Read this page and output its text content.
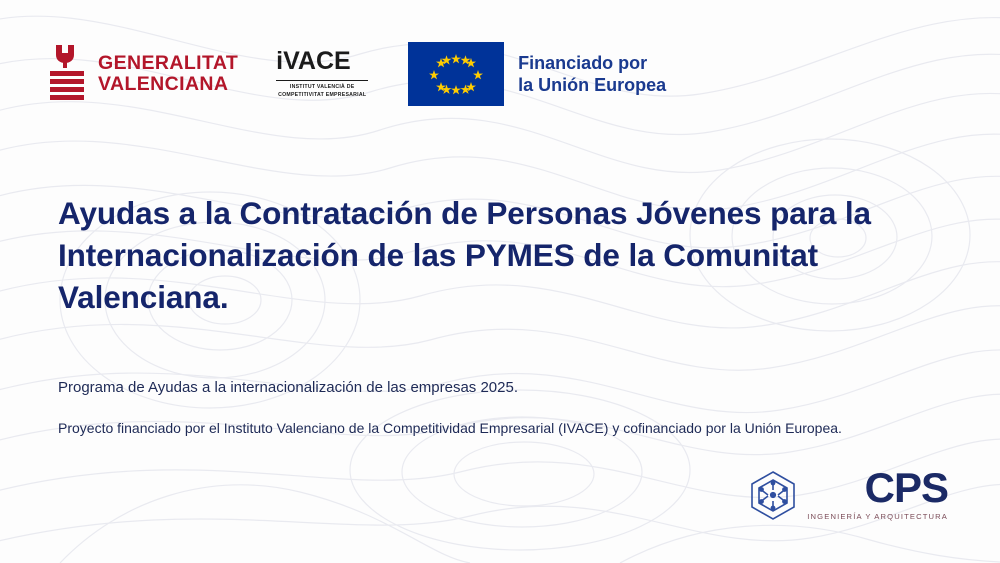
GENERALITAT
VALENCIANA
iVACE
INSTITUT VALENCIÀ DE COMPETITIVITAT EMPRESARIAL
Financiado por
la Unión Europea
Ayudas a la Contratación de Personas Jóvenes para la Internacionalización de las PYMES de la Comunitat Valenciana.

Programa de Ayudas a la internacionalización de las empresas 2025.

Proyecto financiado por el Instituto Valenciano de la Competitividad Empresarial (IVACE) y cofinanciado por la Unión Europea.

CPS
INGENIERÍA Y ARQUITECTURA
